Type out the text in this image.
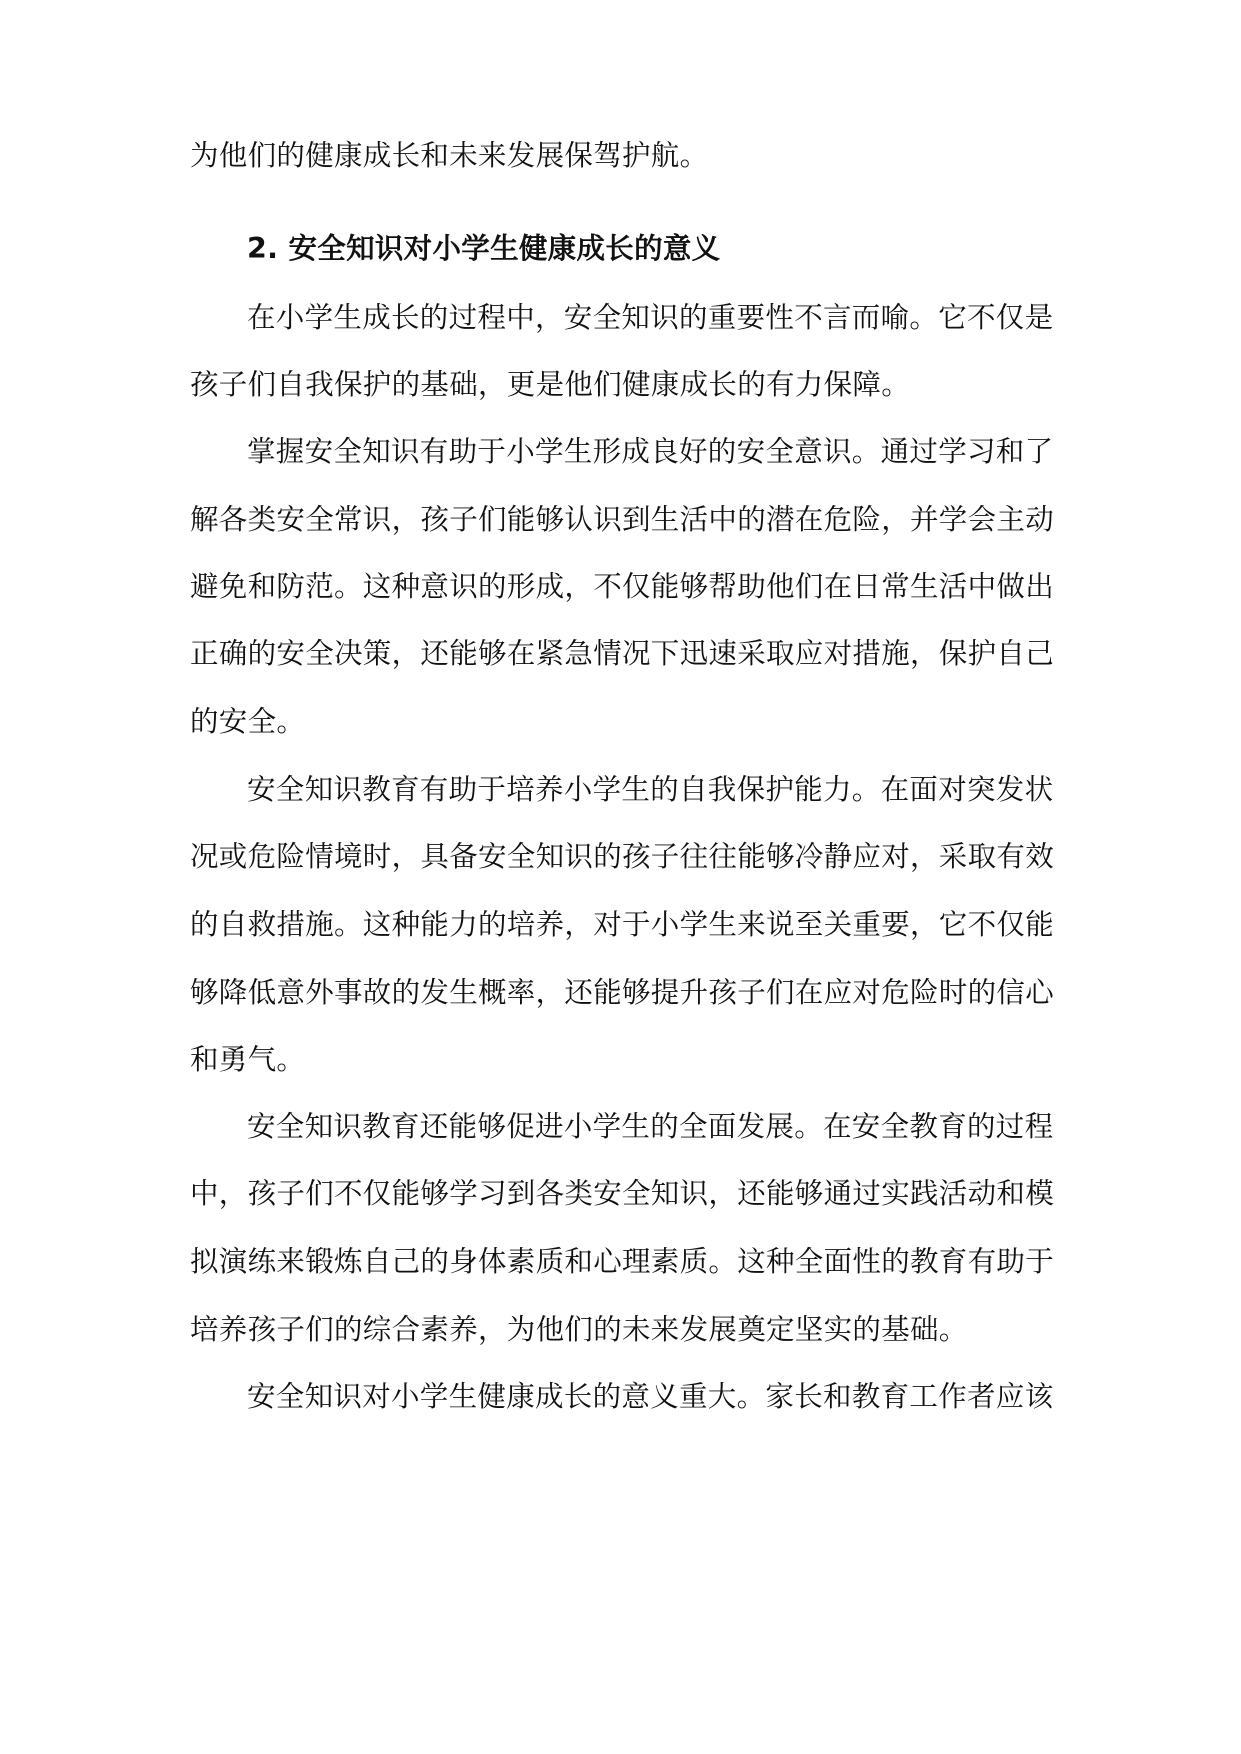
为他们的健康成长和未来发展保驾护航。
2. 安全知识对小学生健康成长的意义
在小学生成长的过程中，安全知识的重要性不言而喻。它不仅是
孩子们自我保护的基础，更是他们健康成长的有力保障。
掌握安全知识有助于小学生形成良好的安全意识。通过学习和了
解各类安全常识，孩子们能够认识到生活中的潜在危险，并学会主动
避免和防范。这种意识的形成，不仅能够帮助他们在日常生活中做出
正确的安全决策，还能够在紧急情况下迅速采取应对措施，保护自己
的安全。
安全知识教育有助于培养小学生的自我保护能力。在面对突发状
况或危险情境时，具备安全知识的孩子往往能够冷静应对，采取有效
的自救措施。这种能力的培养，对于小学生来说至关重要，它不仅能
够降低意外事故的发生概率，还能够提升孩子们在应对危险时的信心
和勇气。
安全知识教育还能够促进小学生的全面发展。在安全教育的过程
中，孩子们不仅能够学习到各类安全知识，还能够通过实践活动和模
拟演练来锻炼自己的身体素质和心理素质。这种全面性的教育有助于
培养孩子们的综合素养，为他们的未来发展奠定坚实的基础。
安全知识对小学生健康成长的意义重大。家长和教育工作者应该
